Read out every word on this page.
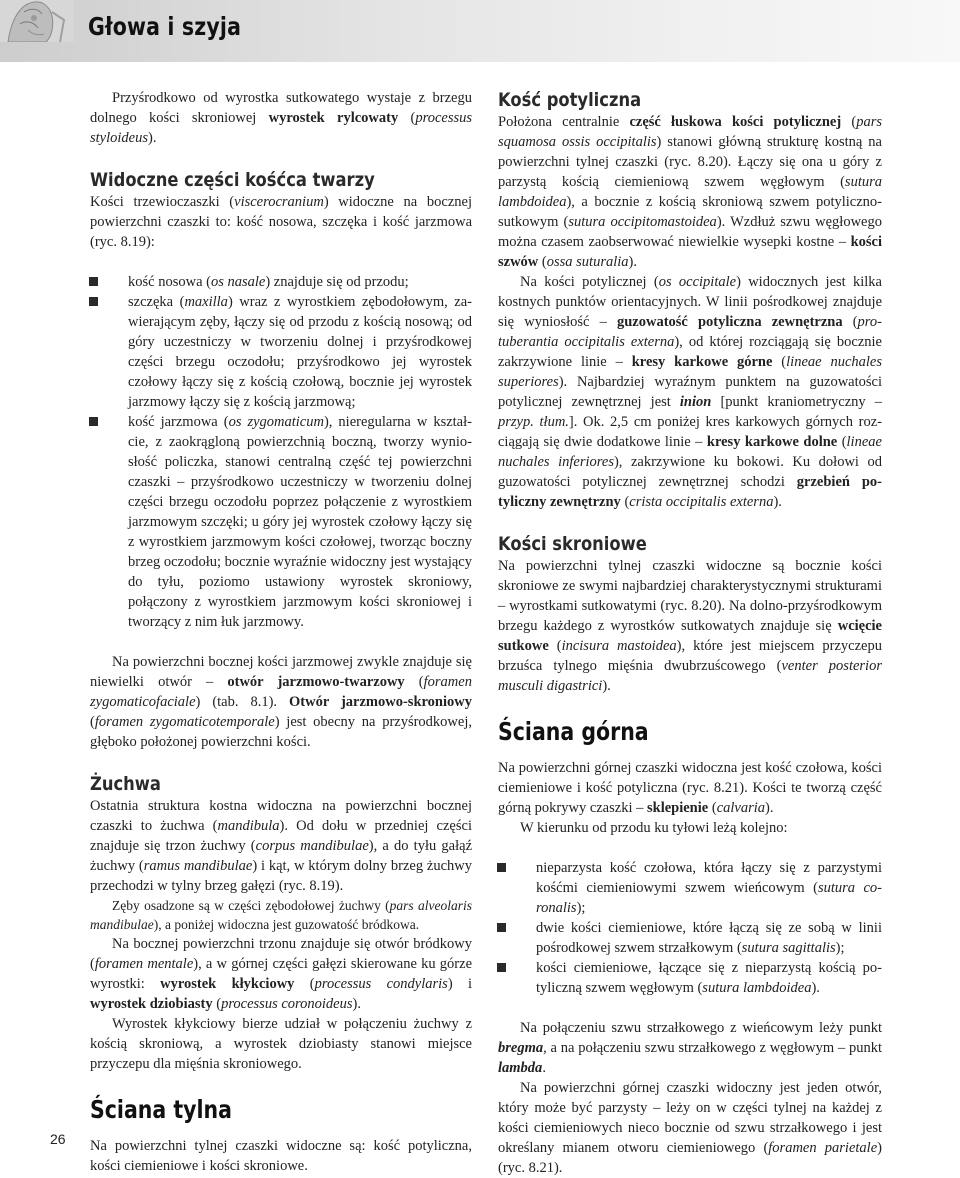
Głowa i szyja

Przyśrodkowo od wyrostka sutkowatego wystaje z brzegu dolnego kości skroniowej wyrostek rylcowaty (processus styloideus).

Widoczne części kośćca twarzy

Kości trzewioczaszki (viscerocranium) widoczne na bocznej powierzchni czaszki to: kość nosowa, szczęka i kość jarzmowa (ryc. 8.19):

kość nosowa (os nasale) znajduje się od przodu;
szczęka (maxilla) wraz z wyrostkiem zębodołowym, zawierającym zęby, łączy się od przodu z kością nosową; od góry uczestniczy w tworzeniu dolnej i przyśrodkowej części brzegu oczodołu; przyśrodkowo jej wyrostek czołowy łączy się z kością czołową, bocznie jej wyrostek jarzmowy łączy się z kością jarzmową;
kość jarzmowa (os zygomaticum), nieregularna w kształcie, z zaokrągloną powierzchnią boczną, tworzy wyniosłość policzka, stanowi centralną część tej powierzchni czaszki – przyśrodkowo uczestniczy w tworzeniu dolnej części brzegu oczodołu poprzez połączenie z wyrostkiem jarzmowym szczęki; u góry jej wyrostek czołowy łączy się z wyrostkiem jarzmowym kości czołowej, tworząc boczny brzeg oczodołu; bocznie wyraźnie widoczny jest wystający do tyłu, poziomo ustawiony wyrostek skroniowy, połączony z wyrostkiem jarzmowym kości skroniowej i tworzący z nim łuk jarzmowy.

Na powierzchni bocznej kości jarzmowej zwykle znajduje się niewielki otwór – otwór jarzmowo-twarzowy (foramen zygomaticofaciale) (tab. 8.1). Otwór jarzmowo-skroniowy (foramen zygomaticotemporale) jest obecny na przyśrodkowej, głęboko położonej powierzchni kości.

Żuchwa

Ostatnia struktura kostna widoczna na powierzchni bocznej czaszki to żuchwa (mandibula). Od dołu w przedniej części znajduje się trzon żuchwy (corpus mandibulae), a do tyłu gałąź żuchwy (ramus mandibulae) i kąt, w którym dolny brzeg żuchwy przechodzi w tylny brzeg gałęzi (ryc. 8.19).

Zęby osadzone są w części zębodołowej żuchwy (pars alveolaris mandibulae), a poniżej widoczna jest guzowatość bródkowa.

Na bocznej powierzchni trzonu znajduje się otwór bródkowy (foramen mentale), a w górnej części gałęzi skierowane ku górze wyrostki: wyrostek kłykciowy (processus condylaris) i wyrostek dziobiasty (processus coronoideus).

Wyrostek kłykciowy bierze udział w połączeniu żuchwy z kością skroniową, a wyrostek dziobiasty stanowi miejsce przyczepu dla mięśnia skroniowego.

Ściana tylna

Na powierzchni tylnej czaszki widoczne są: kość potyliczna, kości ciemieniowe i kości skroniowe.

Kość potyliczna

Położona centralnie część łuskowa kości potylicznej (pars squamosa ossis occipitalis) stanowi główną strukturę kostną na powierzchni tylnej czaszki (ryc. 8.20). Łączy się ona u góry z parzystą kością ciemieniową szwem węgłowym (sutura lambdoidea), a bocznie z kością skroniową szwem potyliczno-sutkowym (sutura occipitomastoidea). Wzdłuż szwu węgłowego można czasem zaobserwować niewielkie wysepki kostne – kości szwów (ossa suturalia).

Na kości potylicznej (os occipitale) widocznych jest kilka kostnych punktów orientacyjnych. W linii pośrodkowej znajduje się wyniosłość – guzowatość potyliczna zewnętrzna (protuberantia occipitalis externa), od której rozciągają się bocznie zakrzywione linie – kresy karkowe górne (lineae nuchales superiores). Najbardziej wyraźnym punktem na guzowatości potylicznej zewnętrznej jest inion [punkt kraniometryczny – przyp. tłum.]. Ok. 2,5 cm poniżej kres karkowych górnych rozciągają się dwie dodatkowe linie – kresy karkowe dolne (lineae nuchales inferiores), zakrzywione ku bokowi. Ku dołowi od guzowatości potylicznej zewnętrznej schodzi grzebień potyliczny zewnętrzny (crista occipitalis externa).

Kości skroniowe

Na powierzchni tylnej czaszki widoczne są bocznie kości skroniowe ze swymi najbardziej charakterystycznymi strukturami – wyrostkami sutkowatymi (ryc. 8.20). Na dolno-przyśrodkowym brzegu każdego z wyrostków sutkowatych znajduje się wcięcie sutkowe (incisura mastoidea), które jest miejscem przyczepu brzuśca tylnego mięśnia dwubrzuścowego (venter posterior musculi digastrici).

Ściana górna

Na powierzchni górnej czaszki widoczna jest kość czołowa, kości ciemieniowe i kość potyliczna (ryc. 8.21). Kości te tworzą część górną pokrywy czaszki – sklepienie (calvaria).

W kierunku od przodu ku tyłowi leżą kolejno:

nieparzysta kość czołowa, która łączy się z parzystymi kośćmi ciemieniowymi szwem wieńcowym (sutura coronalis);
dwie kości ciemieniowe, które łączą się ze sobą w linii pośrodkowej szwem strzałkowym (sutura sagittalis);
kości ciemieniowe, łączące się z nieparzystą kością potyliczną szwem węgłowym (sutura lambdoidea).

Na połączeniu szwu strzałkowego z wieńcowym leży punkt bregma, a na połączeniu szwu strzałkowego z węgłowym – punkt lambda.

Na powierzchni górnej czaszki widoczny jest jeden otwór, który może być parzysty – leży on w części tylnej na każdej z kości ciemieniowych nieco bocznie od szwu strzałkowego i jest określany mianem otworu ciemieniowego (foramen parietale) (ryc. 8.21).

26
